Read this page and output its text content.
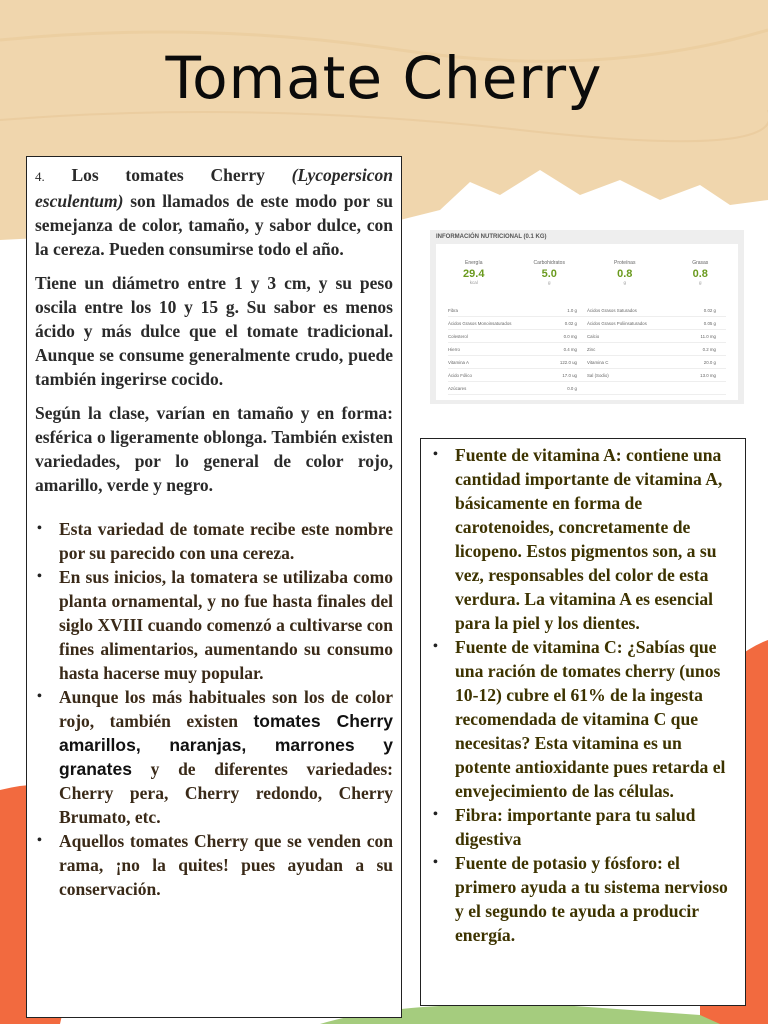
Tomate Cherry

4. Los tomates Cherry (Lycopersicon esculentum) son llamados de este modo por su semejanza de color, tamaño, y sabor dulce, con la cereza. Pueden consumirse todo el año.

Tiene un diámetro entre 1 y 3 cm, y su peso oscila entre los 10 y 15 g. Su sabor es menos ácido y más dulce que el tomate tradicional. Aunque se consume generalmente crudo, puede también ingerirse cocido.

Según la clase, varían en tamaño y en forma: esférica o ligeramente oblonga. También existen variedades, por lo general de color rojo, amarillo, verde y negro.

• Esta variedad de tomate recibe este nombre por su parecido con una cereza.
• En sus inicios, la tomatera se utilizaba como planta ornamental, y no fue hasta finales del siglo XVIII cuando comenzó a cultivarse con fines alimentarios, aumentando su consumo hasta hacerse muy popular.
• Aunque los más habituales son los de color rojo, también existen tomates Cherry amarillos, naranjas, marrones y granates y de diferentes variedades: Cherry pera, Cherry redondo, Cherry Brumato, etc.
• Aquellos tomates Cherry que se venden con rama, ¡no la quites! pues ayudan a su conservación.
INFORMACIÓN NUTRICIONAL (0.1 KG)
Energía
29.4
kcal
Carbohidratos
5.0
g
Proteínas
0.8
g
Grasas
0.8
g
Fibra	1.0 g Ácidos Grasos Saturados	0.02 g
Ácidos Grasos Monoinsaturados	0.02 g Ácidos Grasos Poliinsaturados	0.05 g
Colesterol	0.0 mg Calcio	11.0 mg
Hierro	0.4 mg Zinc	0.2 mg
Vitamina A	122.0 ug Vitamina C	20.0 g
Ácido Fólico	17.0 ug Sal (Sodio)	13.0 mg
Azúcares	0.0 g
• Fuente de vitamina A: contiene una cantidad importante de vitamina A, básicamente en forma de carotenoides, concretamente de licopeno. Estos pigmentos son, a su vez, responsables del color de esta verdura. La vitamina A es esencial para la piel y los dientes.
• Fuente de vitamina C: ¿Sabías que una ración de tomates cherry (unos 10-12) cubre el 61% de la ingesta recomendada de vitamina C que necesitas? Esta vitamina es un potente antioxidante pues retarda el envejecimiento de las células.
• Fibra: importante para tu salud digestiva
• Fuente de potasio y fósforo: el primero ayuda a tu sistema nervioso y el segundo te ayuda a producir energía.
